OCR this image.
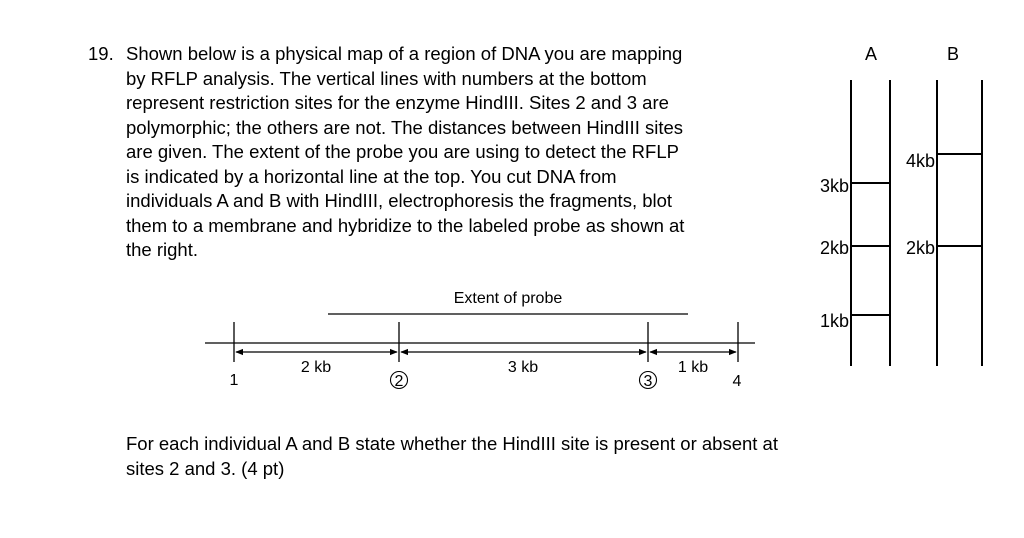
19. Shown below is a physical map of a region of DNA you are mapping
by RFLP analysis. The vertical lines with numbers at the bottom
represent restriction sites for the enzyme HindIII. Sites 2 and 3 are
polymorphic; the others are not. The distances between HindIII sites
are given. The extent of the probe you are using to detect the RFLP
is indicated by a horizontal line at the top. You cut DNA from
individuals A and B with HindIII, electrophoresis the fragments, blot
them to a membrane and hybridize to the labeled probe as shown at
the right.
Extent of probe
2 kb	3 kb	1 kb
1	2	3	4
A	B
3kb
2kb
1kb
4kb
2kb
For each individual A and B state whether the HindIII site is present or absent at
sites 2 and 3. (4 pt)
